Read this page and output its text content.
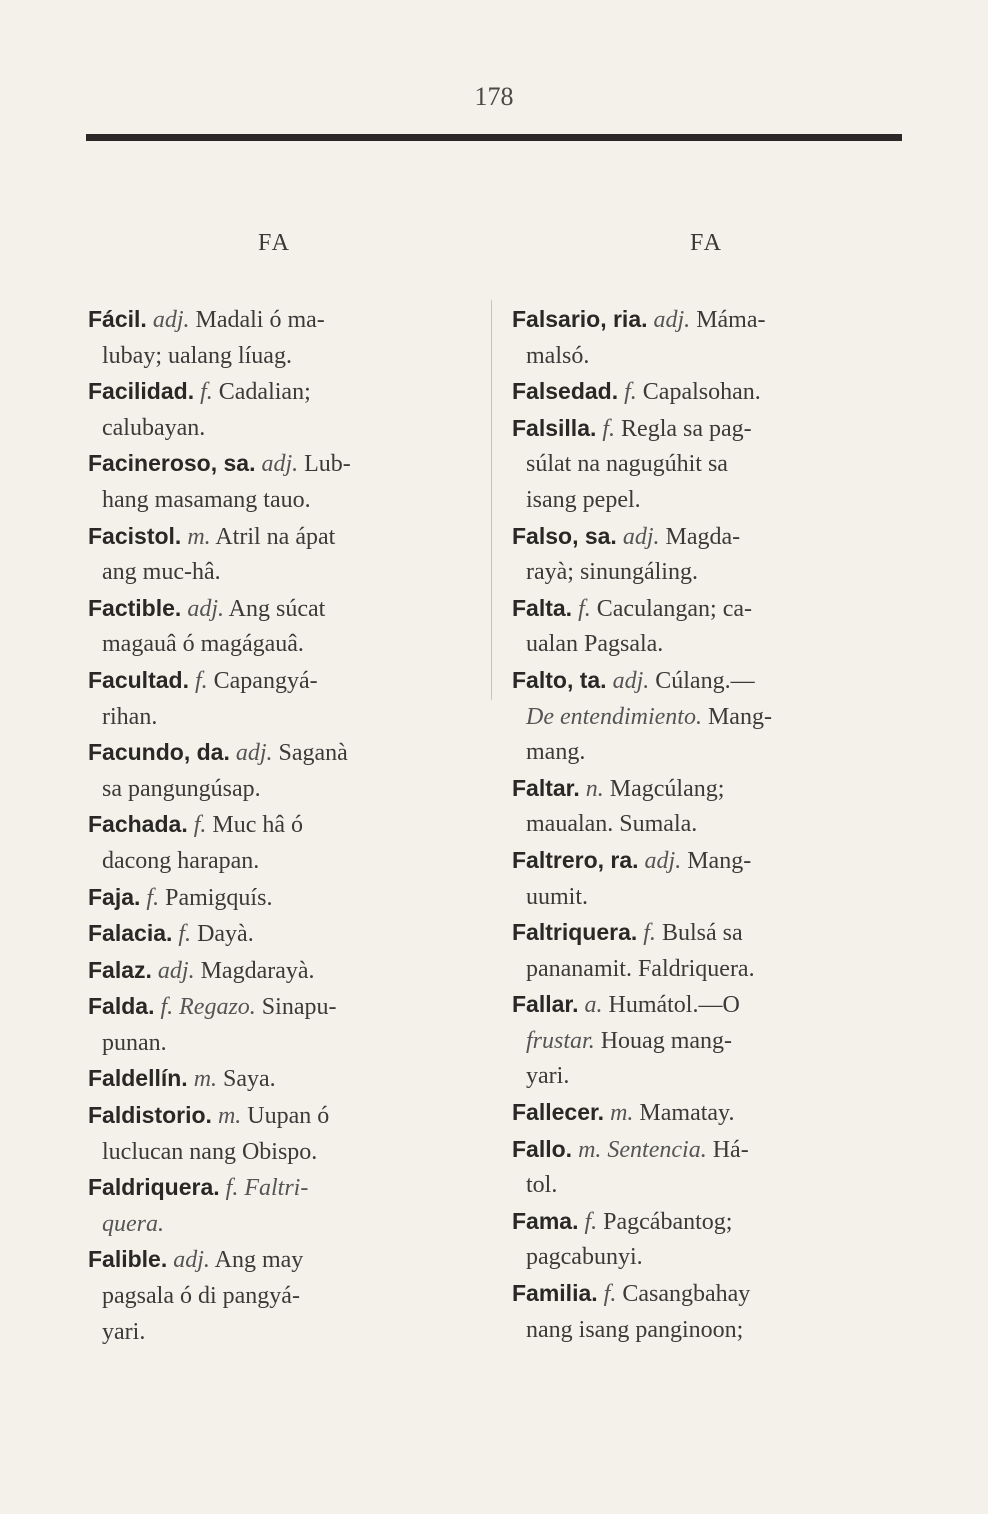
178
FA	FA
Fácil. adj. Madali ó ma-
lubay; ualang líuag.
Facilidad. f. Cadalian;
calubayan.
Facineroso, sa. adj. Lub-
hang masamang tauo.
Facistol. m. Atril na ápat
ang muc-hâ.
Factible. adj. Ang súcat
magauâ ó magágauâ.
Facultad. f. Capangyá-
rihan.
Facundo, da. adj. Saganà
sa pangungúsap.
Fachada. f. Muc hâ ó
dacong harapan.
Faja. f. Pamigquís.
Falacia. f. Dayà.
Falaz. adj. Magdarayà.
Falda. f. Regazo. Sinapu-
punan.
Faldellín. m. Saya.
Faldistorio. m. Uupan ó
luclucan nang Obispo.
Faldriquera. f. Faltri-
quera.
Falible. adj. Ang may
pagsala ó di pangyá-
yari.
Falsario, ria. adj. Máma-
malsó.
Falsedad. f. Capalsohan.
Falsilla. f. Regla sa pag-
súlat na nagugúhit sa
isang pepel.
Falso, sa. adj. Magda-
rayà; sinungáling.
Falta. f. Caculangan; ca-
ualan Pagsala.
Falto, ta. adj. Cúlang.—
De entendimiento. Mang-
mang.
Faltar. n. Magcúlang;
maualan. Sumala.
Faltrero, ra. adj. Mang-
uumit.
Faltriquera. f. Bulsá sa
pananamit. Faldriquera.
Fallar. a. Humátol.—O
frustar. Houag mang-
yari.
Fallecer. m. Mamatay.
Fallo. m. Sentencia. Há-
tol.
Fama. f. Pagcábantog;
pagcabunyi.
Familia. f. Casangbahay
nang isang panginoon;
